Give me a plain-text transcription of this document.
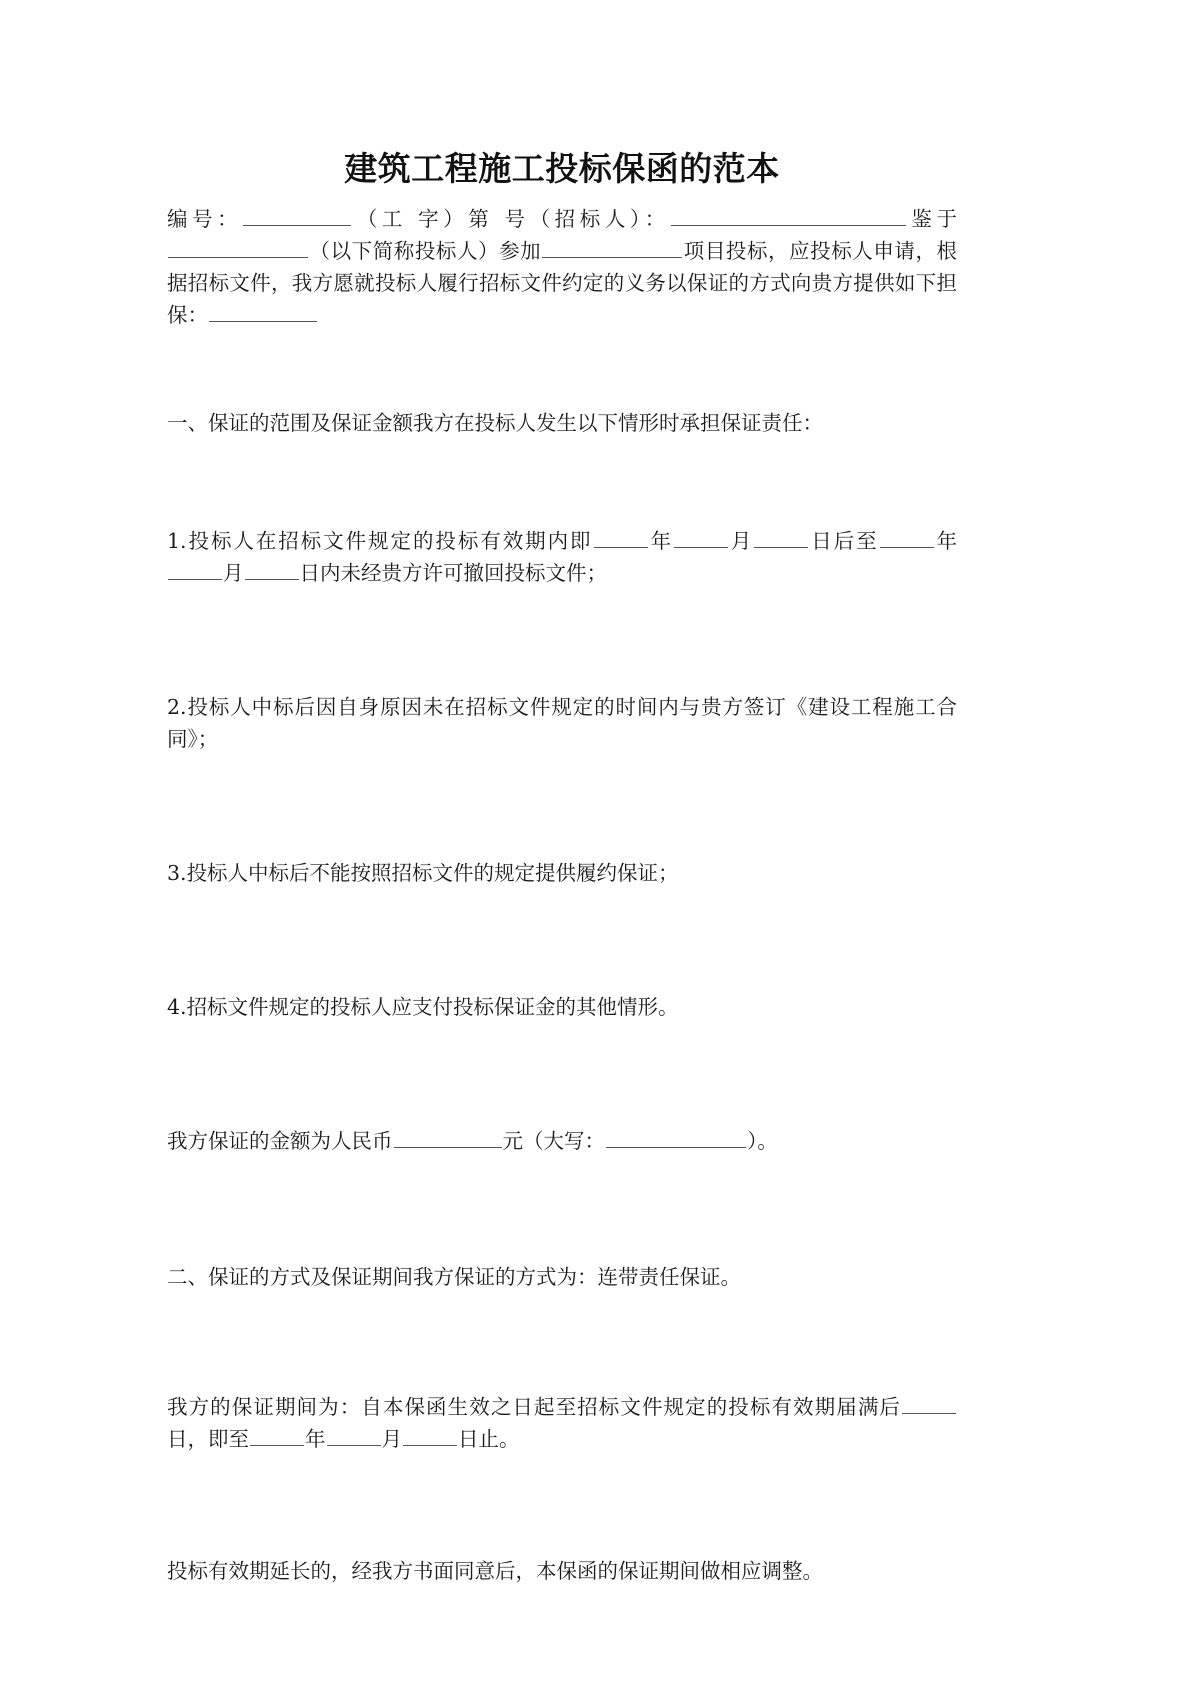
建筑工程施工投标保函的范本

编号：	（工 字）第 号（招标人）：	鉴于（以下简称投标人）参加	项目投标，应投标人申请，根据招标文件，我方愿就投标人履行招标文件约定的义务以保证的方式向贵方提供如下担保：

一、保证的范围及保证金额我方在投标人发生以下情形时承担保证责任：

1.投标人在招标文件规定的投标有效期内即	年	月	日后至	年月	日内未经贵方许可撤回投标文件；

2.投标人中标后因自身原因未在招标文件规定的时间内与贵方签订《建设工程施工合同》；

3.投标人中标后不能按照招标文件的规定提供履约保证；

4.招标文件规定的投标人应支付投标保证金的其他情形。

我方保证的金额为人民币	元（大写：	）。

二、保证的方式及保证期间我方保证的方式为：连带责任保证。

我方的保证期间为：自本保函生效之日起至招标文件规定的投标有效期届满后日，即至	年	月	日止。

投标有效期延长的，经我方书面同意后，本保函的保证期间做相应调整。
